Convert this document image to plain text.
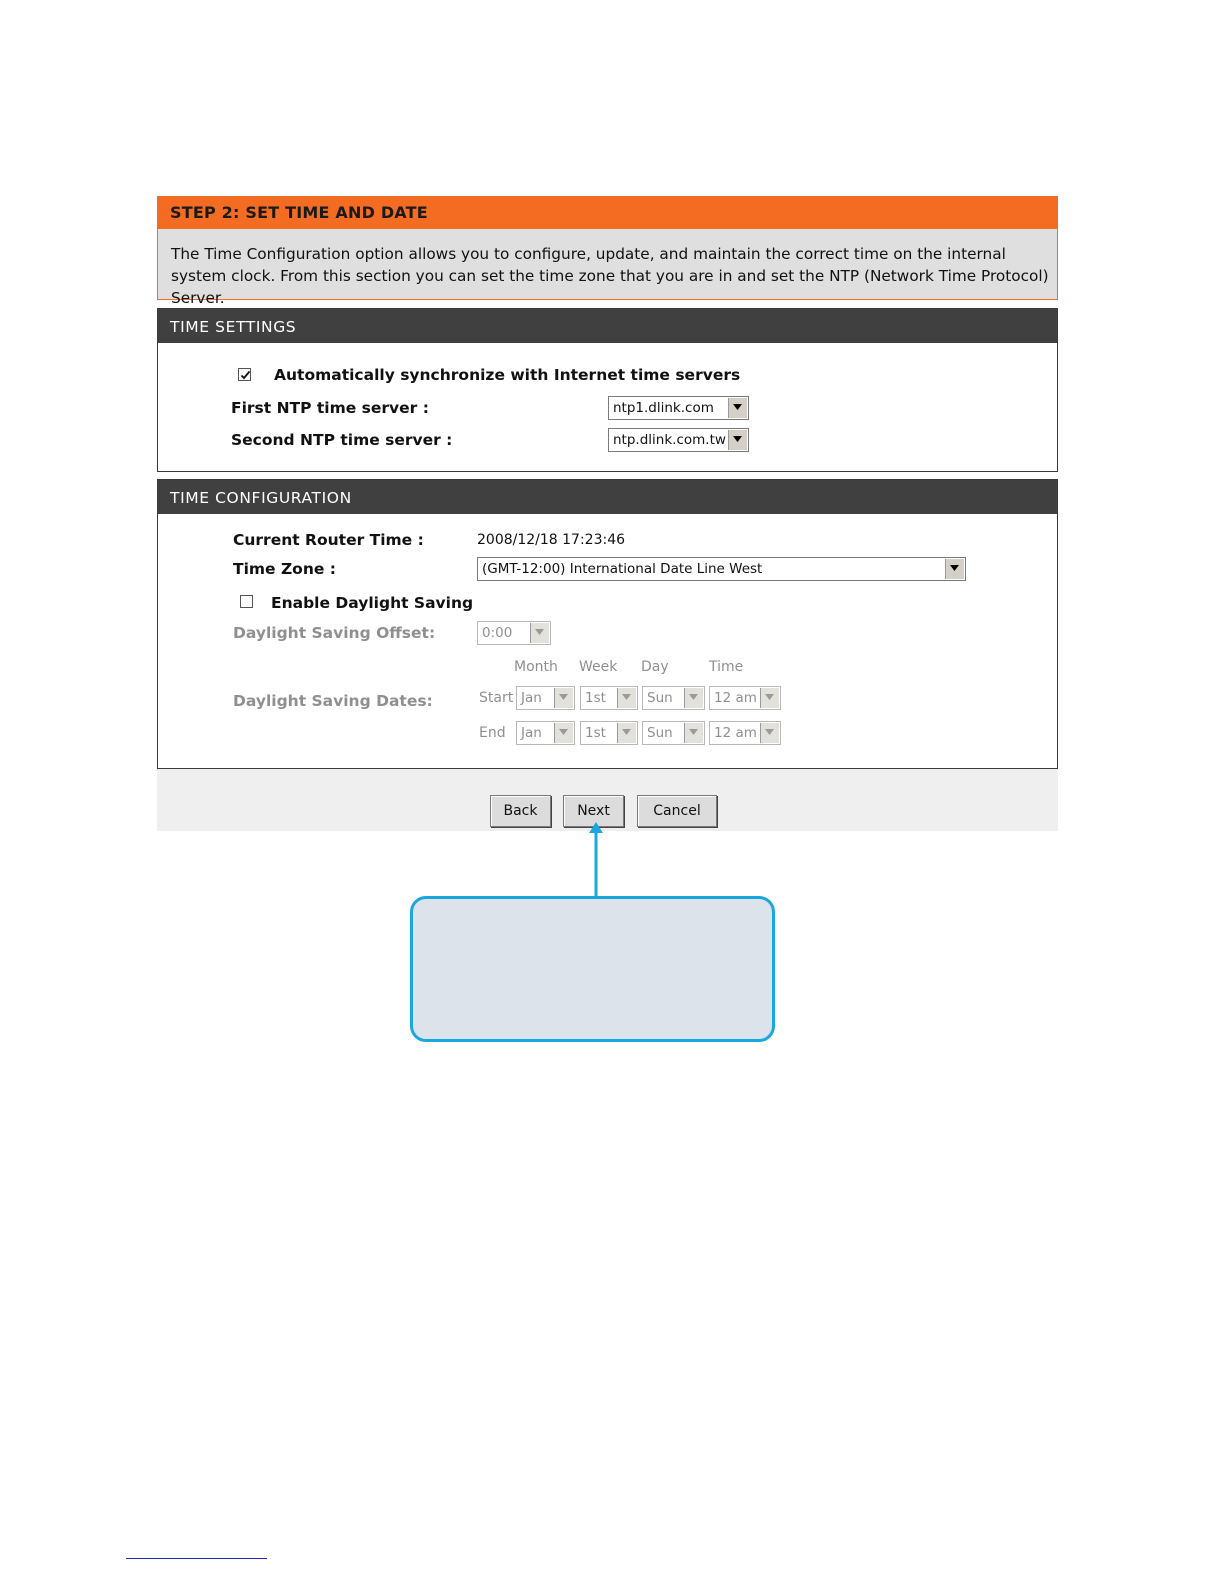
STEP 2: SET TIME AND DATE
The Time Configuration option allows you to configure, update, and maintain the correct time on the internal system clock. From this section you can set the time zone that you are in and set the NTP (Network Time Protocol) Server.
TIME SETTINGS
Automatically synchronize with Internet time servers
First NTP time server :	ntp1.dlink.com
Second NTP time server :	ntp.dlink.com.tw
TIME CONFIGURATION
Current Router Time :	2008/12/18 17:23:46
Time Zone :	(GMT-12:00) International Date Line West
Enable Daylight Saving
Daylight Saving Offset:	0:00
Month Week Day	Time
Daylight Saving Dates:	Start Jan	1st	Sun	12 am
End Jan	1st	Sun	12 am
Back	Next	Cancel
